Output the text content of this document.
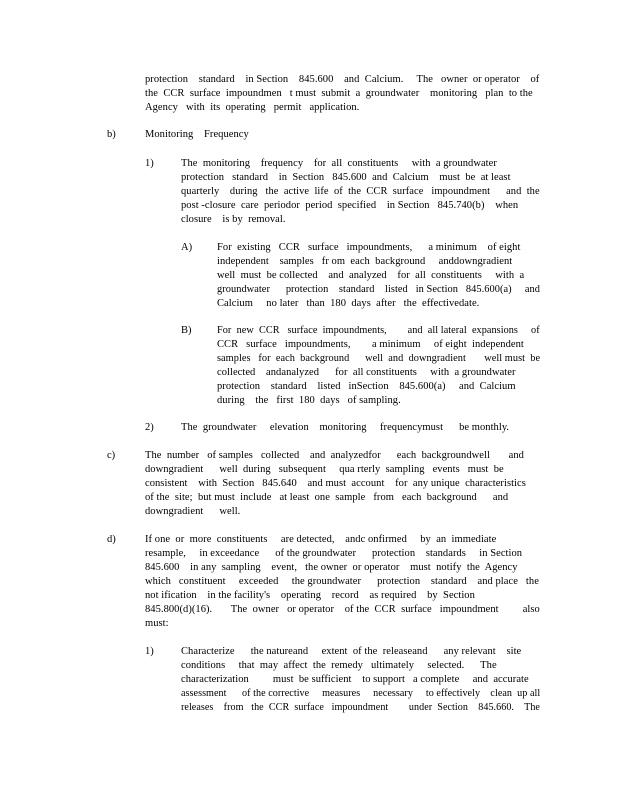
protection    standard    in Section    845.600    and  Calcium.     The   owner  or operator    of
the  CCR  surface  impoundmen   t must  submit  a  groundwater    monitoring   plan  to the
Agency   with  its  operating   permit   application.
b)	Monitoring    Frequency
1)	The  monitoring    frequency    for  all  constituents     with  a groundwater
protection   standard    in  Section   845.600  and  Calcium    must  be  at least
quarterly    during   the  active  life  of  the  CCR  surface   impoundment      and  the
post -closure  care  periodor  period  specified    in Section   845.740(b)    when
closure    is by  removal.
A) For  existing   CCR   surface   impoundments,      a minimum    of eight
independent    samples   fr om  each  background     anddowngradient
well  must  be collected    and  analyzed    for  all  constituents     with  a
groundwater      protection    standard    listed   in Section   845.600(a)     and
Calcium     no later   than  180  days  after   the  effectivedate.
B) For  new  CCR   surface  impoundments,        and  all lateral  expansions     of
CCR   surface   impoundments,        a minimum     of eight  independent
samples   for  each  background      well  and  downgradient       well must  be
collected    andanalyzed      for  all constituents     with  a groundwater
protection    standard    listed   inSection    845.600(a)     and  Calcium
during    the   first  180  days   of sampling.
2)	The  groundwater     elevation    monitoring     frequencymust      be monthly.
c)	The  number   of samples   collected    and  analyzedfor      each  backgroundwell       and
downgradient      well  during   subsequent     qua rterly  sampling   events   must  be
consistent    with  Section   845.640    and must  account    for  any unique  characteristics
of the  site;  but must  include   at least  one  sample   from   each  background      and
downgradient      well.
d)	If one  or  more  constituents     are detected,    andc onfirmed     by  an  immediate
resample,     in exceedance      of the groundwater      protection    standards     in Section
845.600    in any  sampling    event,   the owner  or operator    must  notify  the  Agency
which   constituent     exceeded     the groundwater      protection    standard    and place   the
not ification    in the facility's    operating    record    as required    by  Section
845.800(d)(16).       The  owner   or operator    of the  CCR  surface   impoundment         also
must:
1)	Characterize      the natureand     extent  of the  releaseand      any relevant    site
conditions     that  may  affect  the  remedy   ultimately     selected.      The
characterization         must  be sufficient    to support   a complete     and  accurate
assessment      of the corrective     measures     necessary     to effectively    clean  up all
releases    from   the  CCR  surface   impoundment        under  Section    845.660.    The
